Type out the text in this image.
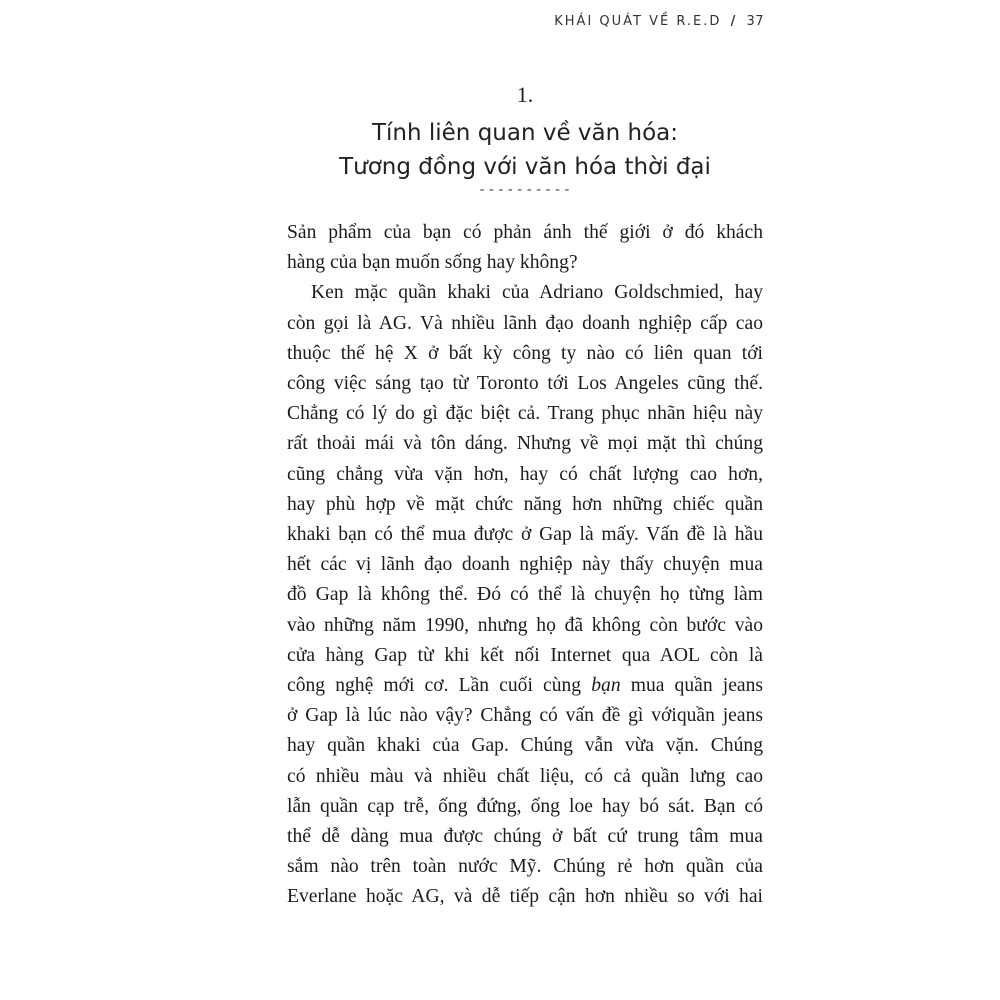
KHÁI QUÁT VỀ R.E.D / 37
1.
Tính liên quan về văn hóa:
Tương đồng với văn hóa thời đại
----------

Sản phẩm của bạn có phản ánh thế giới ở đó khách
hàng của bạn muốn sống hay không?

Ken mặc quần khaki của Adriano Goldschmied, hay
còn gọi là AG. Và nhiều lãnh đạo doanh nghiệp cấp cao
thuộc thế hệ X ở bất kỳ công ty nào có liên quan tới
công việc sáng tạo từ Toronto tới Los Angeles cũng thế.
Chẳng có lý do gì đặc biệt cả. Trang phục nhãn hiệu này
rất thoải mái và tôn dáng. Nhưng về mọi mặt thì chúng
cũng chẳng vừa vặn hơn, hay có chất lượng cao hơn,
hay phù hợp về mặt chức năng hơn những chiếc quần
khaki bạn có thể mua được ở Gap là mấy. Vấn đề là hầu
hết các vị lãnh đạo doanh nghiệp này thấy chuyện mua
đồ Gap là không thể. Đó có thể là chuyện họ từng làm
vào những năm 1990, nhưng họ đã không còn bước vào
cửa hàng Gap từ khi kết nối Internet qua AOL còn là
công nghệ mới cơ. Lần cuối cùng bạn mua quần jeans
ở Gap là lúc nào vậy? Chẳng có vấn đề gì vớiquần jeans
hay quần khaki của Gap. Chúng vẫn vừa vặn. Chúng
có nhiều màu và nhiều chất liệu, có cả quần lưng cao
lẫn quần cạp trễ, ống đứng, ống loe hay bó sát. Bạn có
thể dễ dàng mua được chúng ở bất cứ trung tâm mua
sắm nào trên toàn nước Mỹ. Chúng rẻ hơn quần của
Everlane hoặc AG, và dễ tiếp cận hơn nhiều so với hai
